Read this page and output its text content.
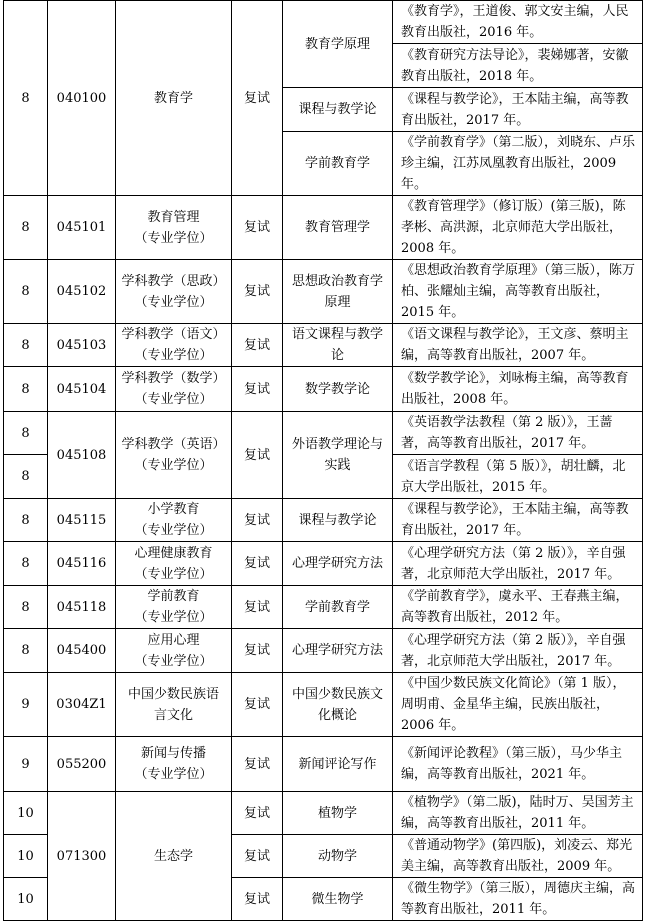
8	040100	教育学	复试	教育学原理	《教育学》，王道俊、郭文安主编，人民教育出版社，2016 年。
					《教育研究方法导论》，裴娣娜著，安徽教育出版社，2018 年。

				课程与教学论	《课程与教学论》，王本陆主编，高等教育出版社，2017 年。

				学前教育学	《学前教育学》（第二版），刘晓东、卢乐珍主编，江苏凤凰教育出版社，2009 年。
8	045101	教育管理
（专业学位）	复试	教育管理学	《教育管理学》（修订版）(第三版)，陈孝彬、高洪源，北京师范大学出版社，2008 年。
8	045102	学科教学（思政）
（专业学位）	复试	思想政治教育学
原理	《思想政治教育学原理》（第三版），陈万柏、张耀灿主编，高等教育出版社，2015 年。
8	045103	学科教学（语文）
（专业学位）	复试	语文课程与教学
论	《语文课程与教学论》，王文彦、蔡明主编，高等教育出版社，2007 年。
8	045104	学科教学（数学）
（专业学位）	复试	数学教学论	《数学教学论》，刘咏梅主编，高等教育出版社，2008 年。
8	045108	学科教学（英语）
（专业学位）	复试	外语教学理论与
实践	《英语教学法教程（第 2 版）》，王蔷著，高等教育出版社，2017 年。
8					《语言学教程（第 5 版）》，胡壮麟，北京大学出版社，2015 年。
8	045115	小学教育
（专业学位）	复试	课程与教学论	《课程与教学论》，王本陆主编，高等教育出版社，2017 年。
8	045116	心理健康教育
（专业学位）	复试	心理学研究方法	《心理学研究方法（第 2 版）》，辛自强著，北京师范大学出版社，2017 年。
8	045118	学前教育
（专业学位）	复试	学前教育学	《学前教育学》，虞永平、王春燕主编，高等教育出版社，2012 年。
8	045400	应用心理
（专业学位）	复试	心理学研究方法	《心理学研究方法（第 2 版）》，辛自强著，北京师范大学出版社，2017 年。
9	0304Z1	中国少数民族语
言文化	复试	中国少数民族文
化概论	《中国少数民族文化简论》（第 1 版），周明甫、金星华主编，民族出版社，2006 年。
9	055200	新闻与传播
（专业学位）	复试	新闻评论写作	《新闻评论教程》（第三版），马少华主编，高等教育出版社，2021 年。
10	071300	生态学	复试	植物学	《植物学》（第二版)，陆时万、吴国芳主编，高等教育出版社，2011 年。
10			复试	动物学	《普通动物学》(第四版)，刘凌云、郑光美主编，高等教育出版社，2009 年。
10			复试	微生物学	《微生物学》（第三版），周德庆主编，高等教育出版社，2011 年。
